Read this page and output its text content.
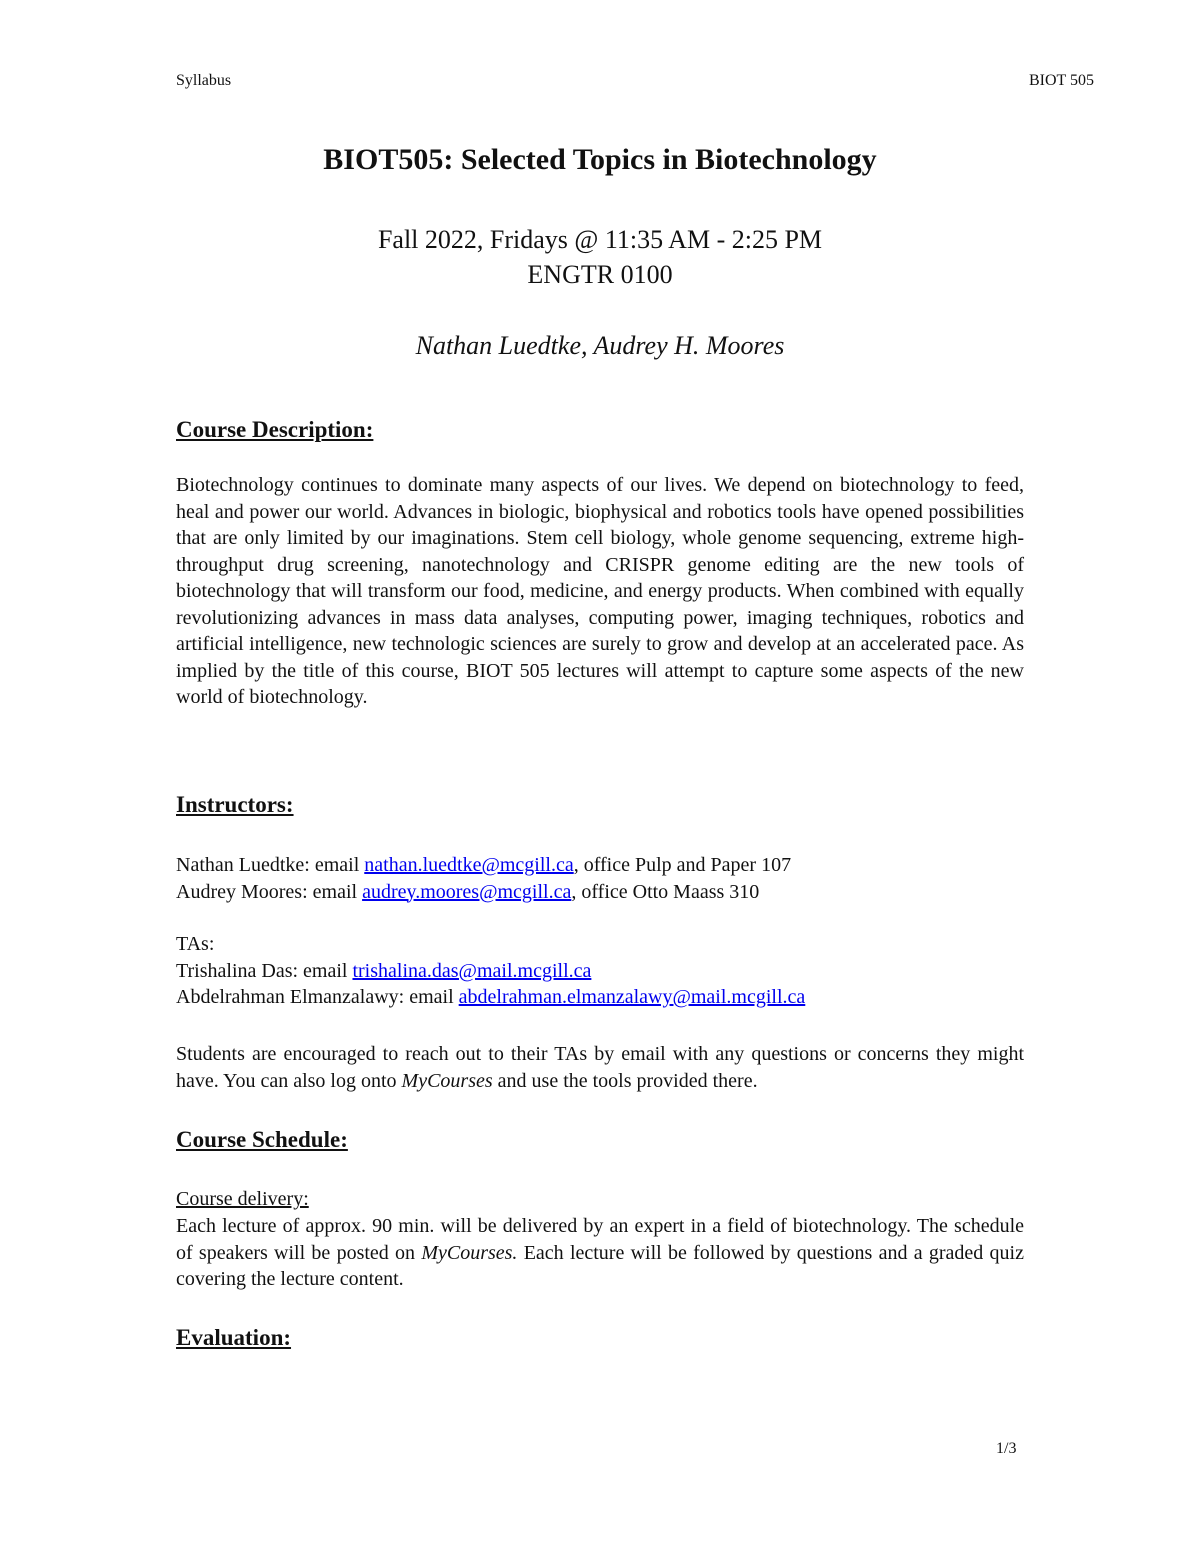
Syllabus	BIOT 505
BIOT505: Selected Topics in Biotechnology
Fall 2022, Fridays @ 11:35 AM - 2:25 PM
ENGTR 0100
Nathan Luedtke, Audrey H. Moores
Course Description:
Biotechnology continues to dominate many aspects of our lives. We depend on biotechnology to feed, heal and power our world. Advances in biologic, biophysical and robotics tools have opened possibilities that are only limited by our imaginations. Stem cell biology, whole genome sequencing, extreme high-throughput drug screening, nanotechnology and CRISPR genome editing are the new tools of biotechnology that will transform our food, medicine, and energy products. When combined with equally revolutionizing advances in mass data analyses, computing power, imaging techniques, robotics and artificial intelligence, new technologic sciences are surely to grow and develop at an accelerated pace. As implied by the title of this course, BIOT 505 lectures will attempt to capture some aspects of the new world of biotechnology.
Instructors:
Nathan Luedtke: email nathan.luedtke@mcgill.ca, office Pulp and Paper 107
Audrey Moores: email audrey.moores@mcgill.ca, office Otto Maass 310
TAs:
Trishalina Das: email trishalina.das@mail.mcgill.ca
Abdelrahman Elmanzalawy: email abdelrahman.elmanzalawy@mail.mcgill.ca
Students are encouraged to reach out to their TAs by email with any questions or concerns they might have. You can also log onto MyCourses and use the tools provided there.
Course Schedule:
Course delivery:
Each lecture of approx. 90 min. will be delivered by an expert in a field of biotechnology. The schedule of speakers will be posted on MyCourses. Each lecture will be followed by questions and a graded quiz covering the lecture content.
Evaluation:
1/3
